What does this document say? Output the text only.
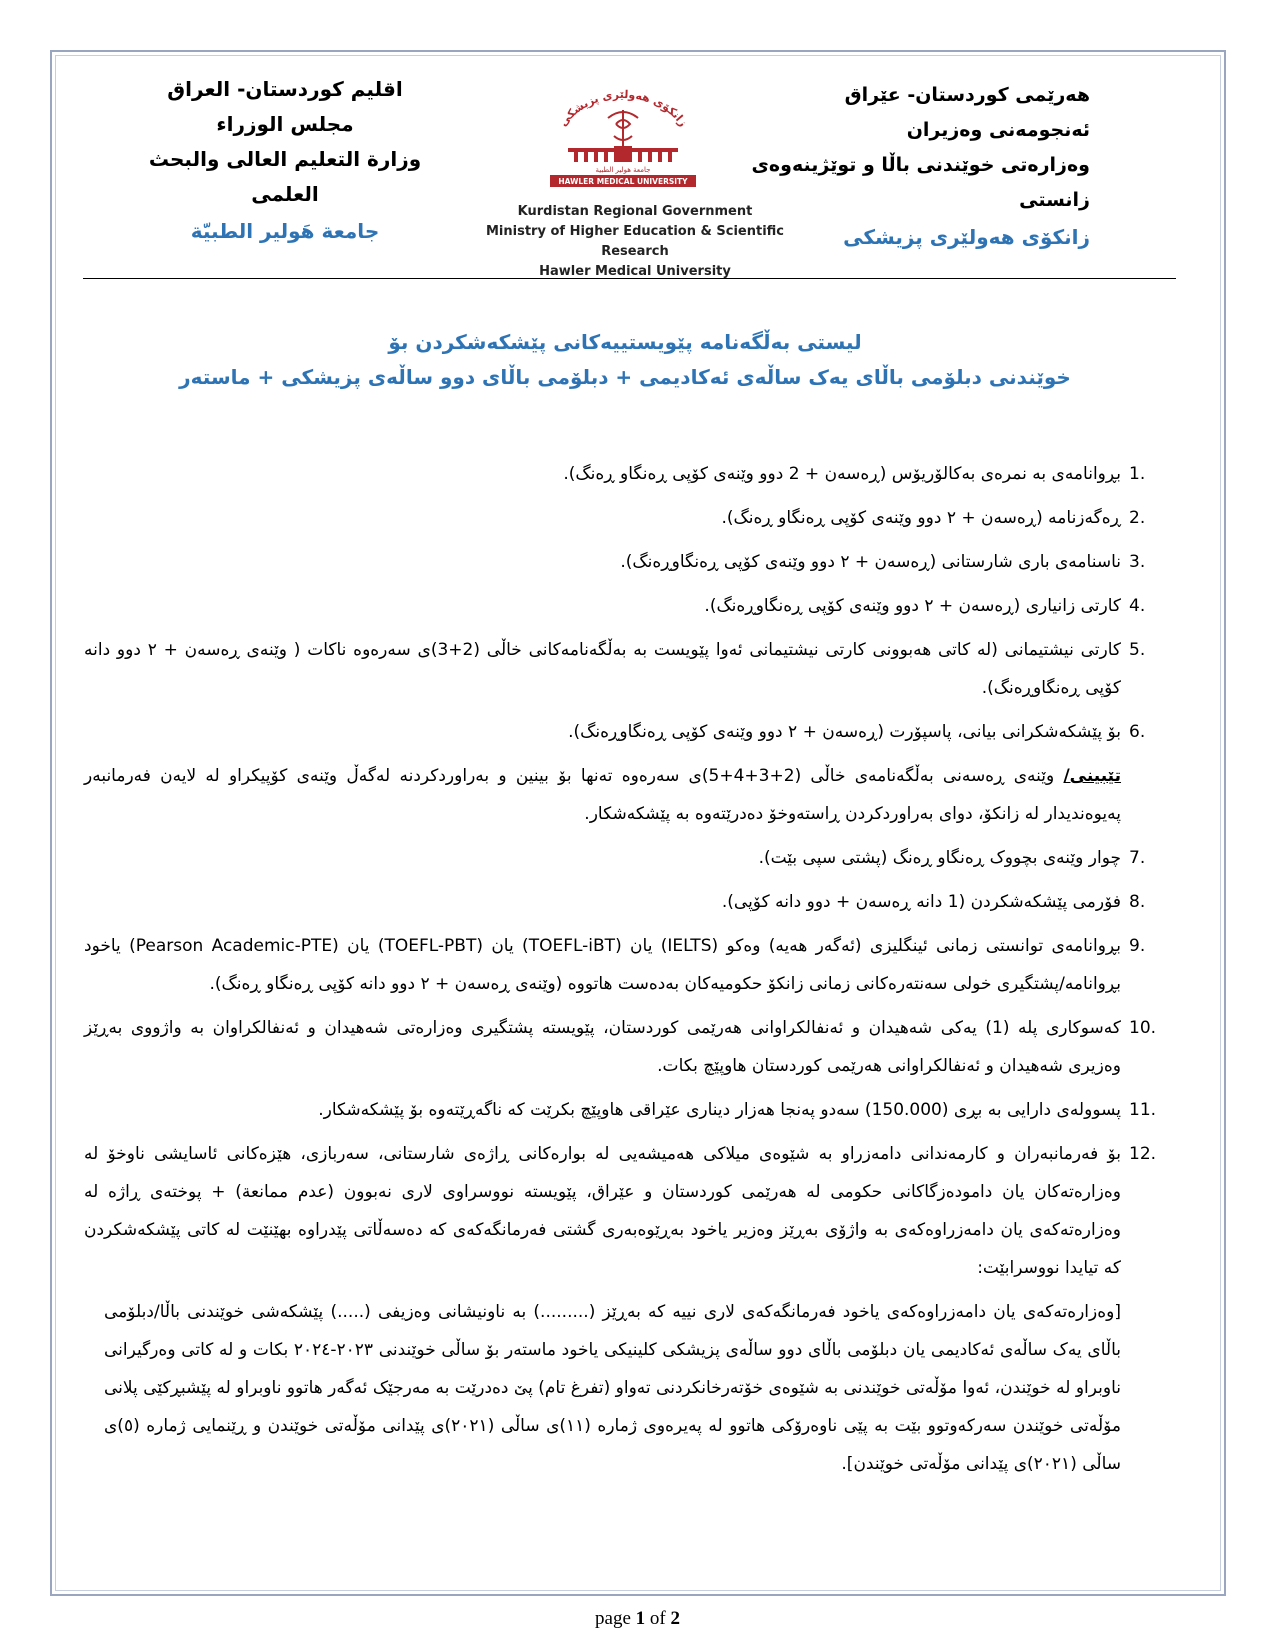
هەرێمی کوردستان- عێراق
ئەنجومەنی وەزیران
وەزارەتی خوێندنی باڵا و توێژینەوەی زانستی
زانکۆی هەولێری پزیشکی
اقليم كوردستان- العراق
مجلس الوزراء
وزارة التعليم العالى والبحث العلمى
جامعة هَولير الطبيّة
زانکۆی هەولێری پزیشکی
جامعة هولير الطبية
HAWLER MEDICAL UNIVERSITY
Kurdistan Regional Government
Ministry of Higher Education & Scientific Research
Hawler Medical University
لیستی بەڵگەنامە پێویستییەکانی پێشکەشکردن بۆ
خوێندنی دبلۆمی باڵای یەک ساڵەی ئەکادیمی + دبلۆمی باڵای دوو ساڵەی پزیشکی + ماستەر
1.
بڕوانامەی بە نمرەی بەکالۆریۆس (ڕەسەن + 2 دوو وێنەی کۆپی ڕەنگاو ڕەنگ).
2.
ڕەگەزنامە (ڕەسەن + ٢ دوو وێنەی کۆپی ڕەنگاو ڕەنگ).
3.
ناسنامەی باری شارستانی (ڕەسەن + ٢ دوو وێنەی کۆپی ڕەنگاوڕەنگ).
4.
کارتی زانیاری (ڕەسەن + ٢ دوو وێنەی کۆپی ڕەنگاوڕەنگ).
5.
کارتی نیشتیمانی (لە کاتی هەبوونی کارتی نیشتیمانی ئەوا پێویست بە بەڵگەنامەکانی خاڵی (2+3)ی سەرەوە ناکات ( وێنەی ڕەسەن + ٢ دوو دانە کۆپی ڕەنگاوڕەنگ).
6.
بۆ پێشکەشکرانی بیانی، پاسپۆرت (ڕەسەن + ٢ دوو وێنەی کۆپی ڕەنگاوڕەنگ).
تێبینی/ وێنەی ڕەسەنی بەڵگەنامەی خاڵی (2+3+4+5)ی سەرەوە تەنها بۆ بینین و بەراوردکردنە لەگەڵ وێنەی کۆپیکراو لە لایەن فەرمانبەر پەیوەندیدار لە زانکۆ، دوای بەراوردکردن ڕاستەوخۆ دەدرێتەوە بە پێشکەشکار.
7.
چوار وێنەی بچووک ڕەنگاو ڕەنگ (پشتی سپی بێت).
8.
فۆرمی پێشکەشکردن (1 دانە ڕەسەن + دوو دانە کۆپی).
9.
بڕوانامەی توانستی زمانی ئینگلیزی (ئەگەر هەیە) وەکو (IELTS) یان (TOEFL-iBT) یان (TOEFL-PBT) یان (Pearson Academic-PTE) یاخود بڕوانامە/پشتگیری خولی سەنتەرەکانی زمانی زانکۆ حکومیەکان بەدەست هاتووە (وێنەی ڕەسەن + ٢ دوو دانە کۆپی ڕەنگاو ڕەنگ).
10.
کەسوکاری پلە (1) یەکی شەهیدان و ئەنفالکراوانی هەرێمی کوردستان، پێویستە پشتگیری وەزارەتی شەهیدان و ئەنفالکراوان بە واژووی بەڕێز وەزیری شەهیدان و ئەنفالکراوانی هەرێمی کوردستان هاوپێچ بکات.
11.
پسوولەی دارایی بە بڕی (150.000) سەدو پەنجا هەزار دیناری عێراقی هاوپێچ بکرێت کە ناگەڕێتەوە بۆ پێشکەشکار.
12.
بۆ فەرمانبەران و کارمەندانی دامەزراو بە شێوەی میلاکی هەمیشەیی لە بوارەکانی ڕاژەی شارستانی، سەربازی، هێزەکانی ئاسایشی ناوخۆ لە وەزارەتەکان یان دامودەزگاکانی حکومی لە هەرێمی کوردستان و عێراق، پێویستە نووسراوی لاری نەبوون (عدم ممانعة) + پوختەی ڕاژە لە وەزارەتەکەی یان دامەزراوەکەی بە واژۆی بەڕێز وەزیر یاخود بەڕێوەبەری گشتی فەرمانگەکەی کە دەسەڵاتی پێدراوە بهێنێت لە کاتی پێشکەشکردن کە تیایدا نووسرابێت:
[وەزارەتەکەی یان دامەزراوەکەی یاخود فەرمانگەکەی لاری نییە کە بەڕێز (.........) بە ناونیشانی وەزیفی (.....) پێشکەشی خوێندنی باڵا/دبلۆمی باڵای یەک ساڵەی ئەکادیمی یان دبلۆمی باڵای دوو ساڵەی پزیشکی کلینیکی یاخود ماستەر بۆ ساڵی خوێندنی ٢٠٢٣-٢٠٢٤ بکات و لە کاتی وەرگیرانی ناوبراو لە خوێندن، ئەوا مۆڵەتی خوێندنی بە شێوەی خۆتەرخانکردنی تەواو (تفرغ تام) پێ دەدرێت بە مەرجێک ئەگەر هاتوو ناوبراو لە پێشبڕکێی پلانی مۆڵەتی خوێندن سەرکەوتوو بێت بە پێی ناوەرۆکی هاتوو لە پەیرەوی ژمارە (١١)ی ساڵی (٢٠٢١)ی پێدانی مۆڵەتی خوێندن و ڕێنمایی ژمارە (٥)ی ساڵی (٢٠٢١)ی پێدانی مۆڵەتی خوێندن].
page 1 of 2
